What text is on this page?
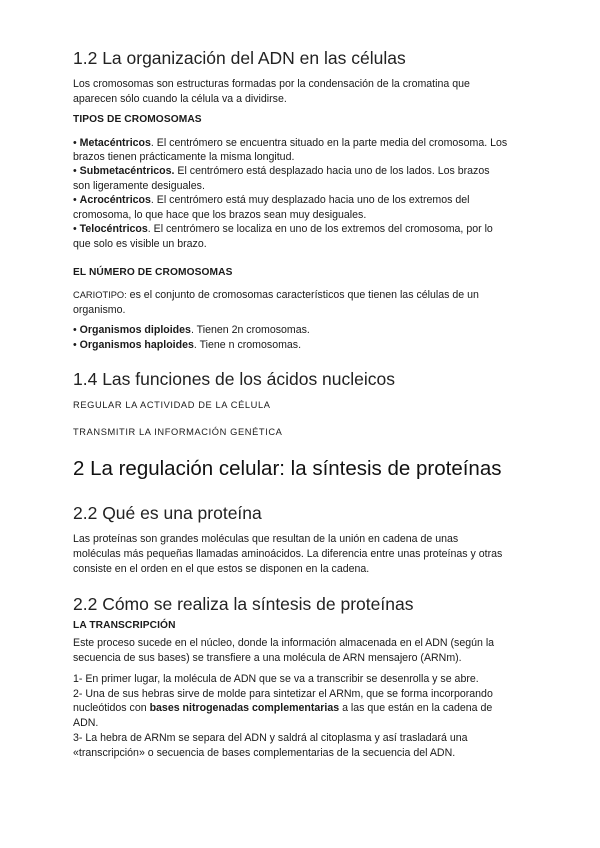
1.2 La organización del ADN en las células
Los cromosomas son estructuras formadas por la condensación de la cromatina que
aparecen sólo cuando la célula va a dividirse.
TIPOS DE CROMOSOMAS
• Metacéntricos. El centrómero se encuentra situado en la parte media del cromosoma. Los
brazos tienen prácticamente la misma longitud.
• Submetacéntricos. El centrómero está desplazado hacia uno de los lados. Los brazos
son ligeramente desiguales.
• Acrocéntricos. El centrómero está muy desplazado hacia uno de los extremos del
cromosoma, lo que hace que los brazos sean muy desiguales.
• Telocéntricos. El centrómero se localiza en uno de los extremos del cromosoma, por lo
que solo es visible un brazo.
EL NÚMERO DE CROMOSOMAS
CARIOTIPO: es el conjunto de cromosomas característicos que tienen las células de un
organismo.
• Organismos diploides. Tienen 2n cromosomas.
• Organismos haploides. Tiene n cromosomas.
1.4 Las funciones de los ácidos nucleicos
REGULAR LA ACTIVIDAD DE LA CÉLULA
TRANSMITIR LA INFORMACIÓN GENÉTICA
2 La regulación celular: la síntesis de proteínas
2.2 Qué es una proteína
Las proteínas son grandes moléculas que resultan de la unión en cadena de unas
moléculas más pequeñas llamadas aminoácidos. La diferencia entre unas proteínas y otras
consiste en el orden en el que estos se disponen en la cadena.
2.2 Cómo se realiza la síntesis de proteínas
LA TRANSCRIPCIÓN
Este proceso sucede en el núcleo, donde la información almacenada en el ADN (según la
secuencia de sus bases) se transfiere a una molécula de ARN mensajero (ARNm).
1- En primer lugar, la molécula de ADN que se va a transcribir se desenrolla y se abre.
2- Una de sus hebras sirve de molde para sintetizar el ARNm, que se forma incorporando
nucleótidos con bases nitrogenadas complementarias a las que están en la cadena de
ADN.
3- La hebra de ARNm se separa del ADN y saldrá al citoplasma y así trasladará una
«transcripción» o secuencia de bases complementarias de la secuencia del ADN.
